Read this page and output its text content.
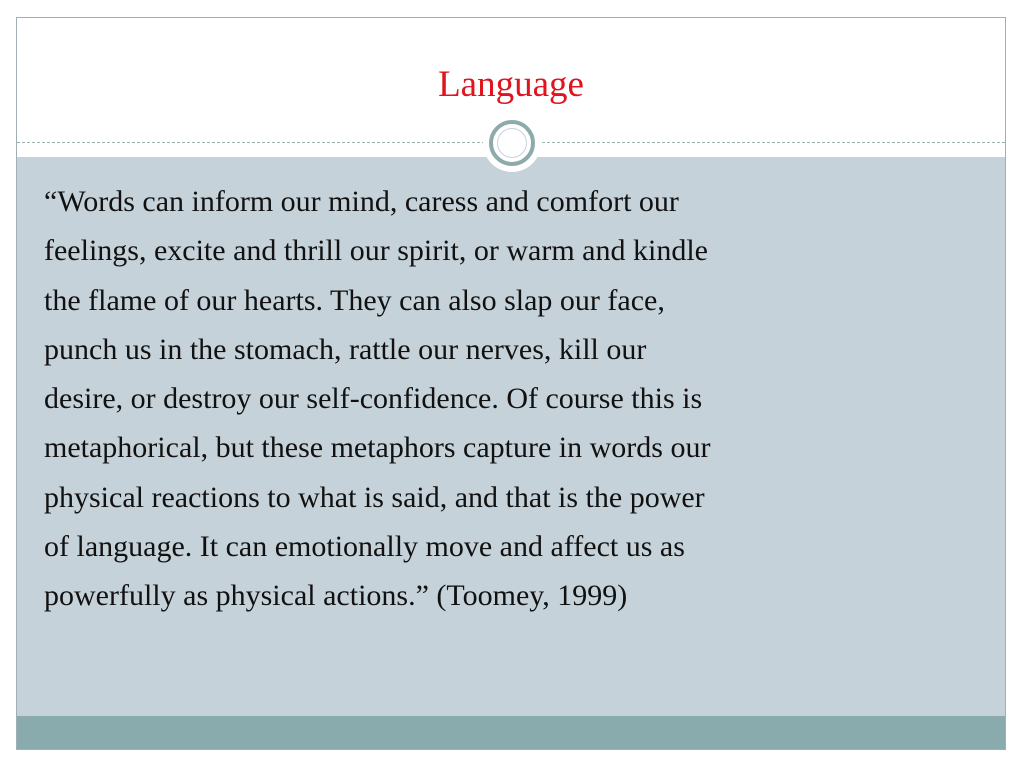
Language

“Words can inform our mind, caress and comfort our
feelings, excite and thrill our spirit, or warm and kindle
the flame of our hearts. They can also slap our face,
punch us in the stomach, rattle our nerves, kill our
desire, or destroy our self-confidence. Of course this is
metaphorical, but these metaphors capture in words our
physical reactions to what is said, and that is the power
of language. It can emotionally move and affect us as
powerfully as physical actions.” (Toomey, 1999)
